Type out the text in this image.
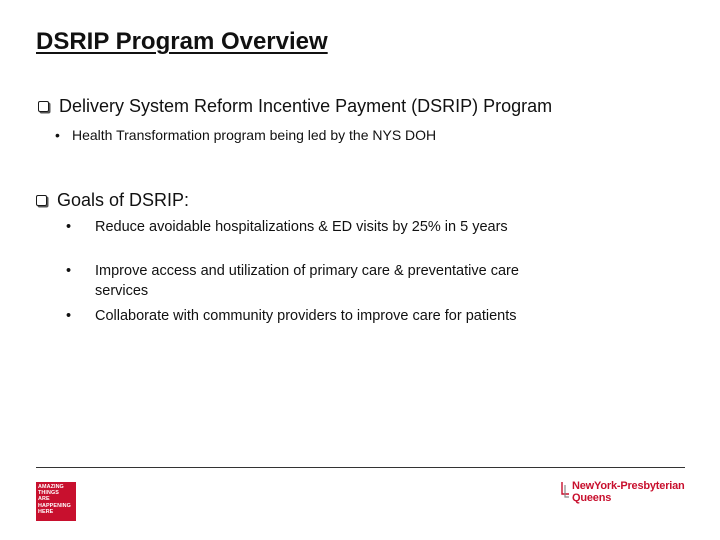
DSRIP Program Overview
Delivery System Reform Incentive Payment (DSRIP) Program
• Health Transformation program being led by the NYS DOH
Goals of DSRIP:
• Reduce avoidable hospitalizations & ED visits by 25% in 5 years
• Improve access and utilization of primary care & preventative care services
• Collaborate with community providers to improve care for patients
AMAZING
THINGS
ARE
HAPPENING
HERE
NewYork-Presbyterian
Queens
